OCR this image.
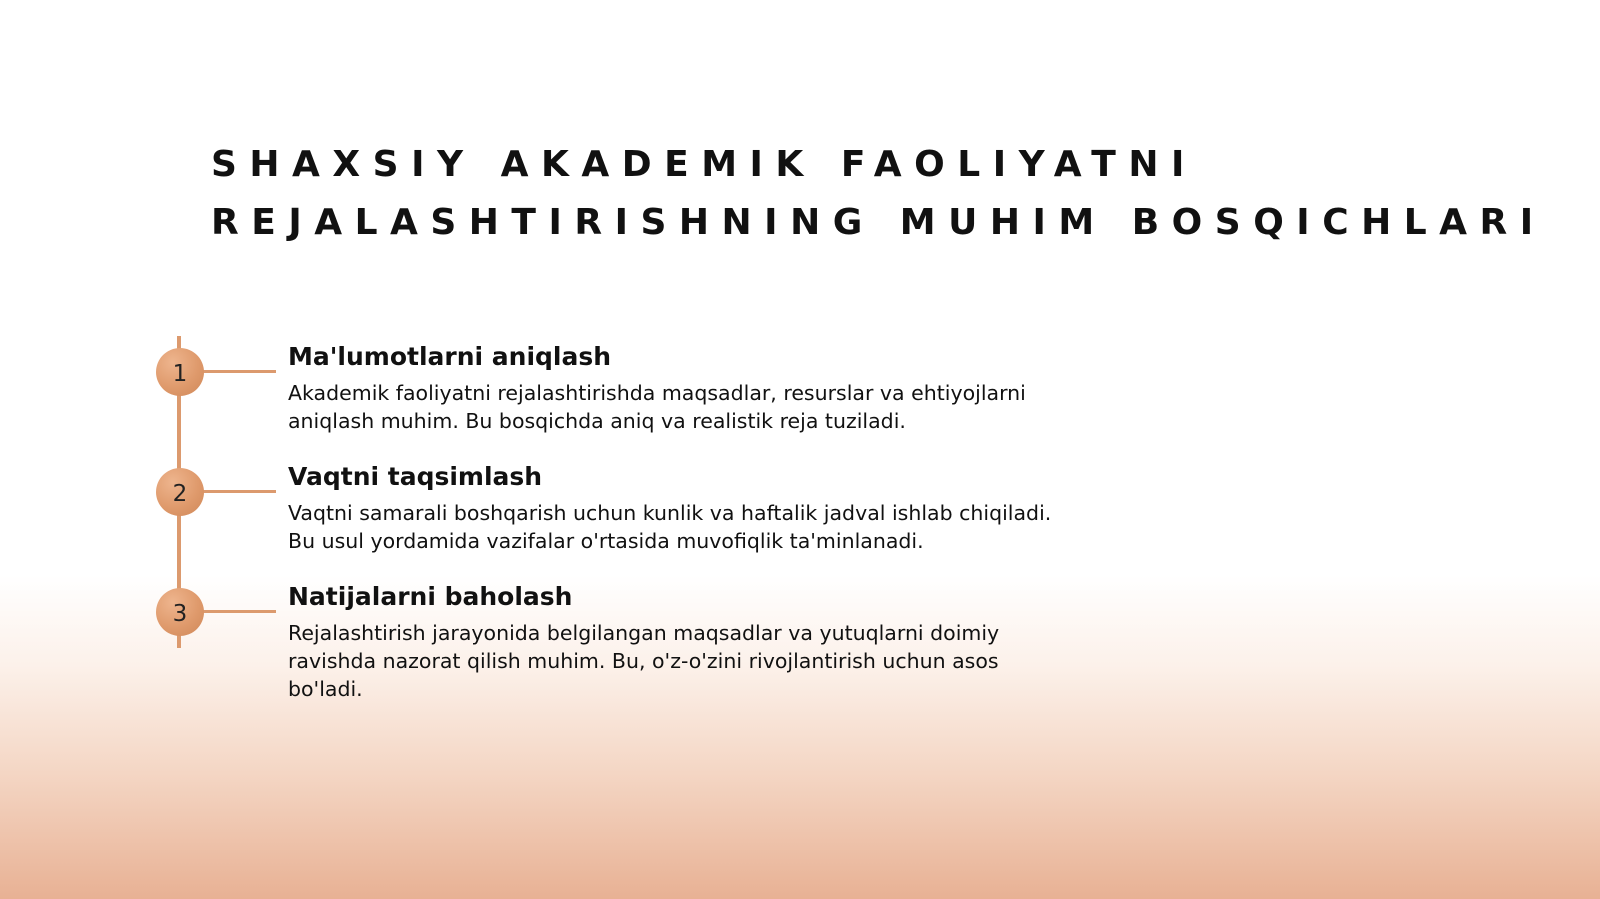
SHAXSIY AKADEMIK FAOLIYATNI
REJALASHTIRISHNING MUHIM BOSQICHLARI
1
Ma'lumotlarni aniqlash

Akademik faoliyatni rejalashtirishda maqsadlar, resurslar va ehtiyojlarni
aniqlash muhim. Bu bosqichda aniq va realistik reja tuziladi.

2
Vaqtni taqsimlash

Vaqtni samarali boshqarish uchun kunlik va haftalik jadval ishlab chiqiladi.
Bu usul yordamida vazifalar o'rtasida muvofiqlik ta'minlanadi.

3
Natijalarni baholash

Rejalashtirish jarayonida belgilangan maqsadlar va yutuqlarni doimiy
ravishda nazorat qilish muhim. Bu, o'z-o'zini rivojlantirish uchun asos
bo'ladi.
